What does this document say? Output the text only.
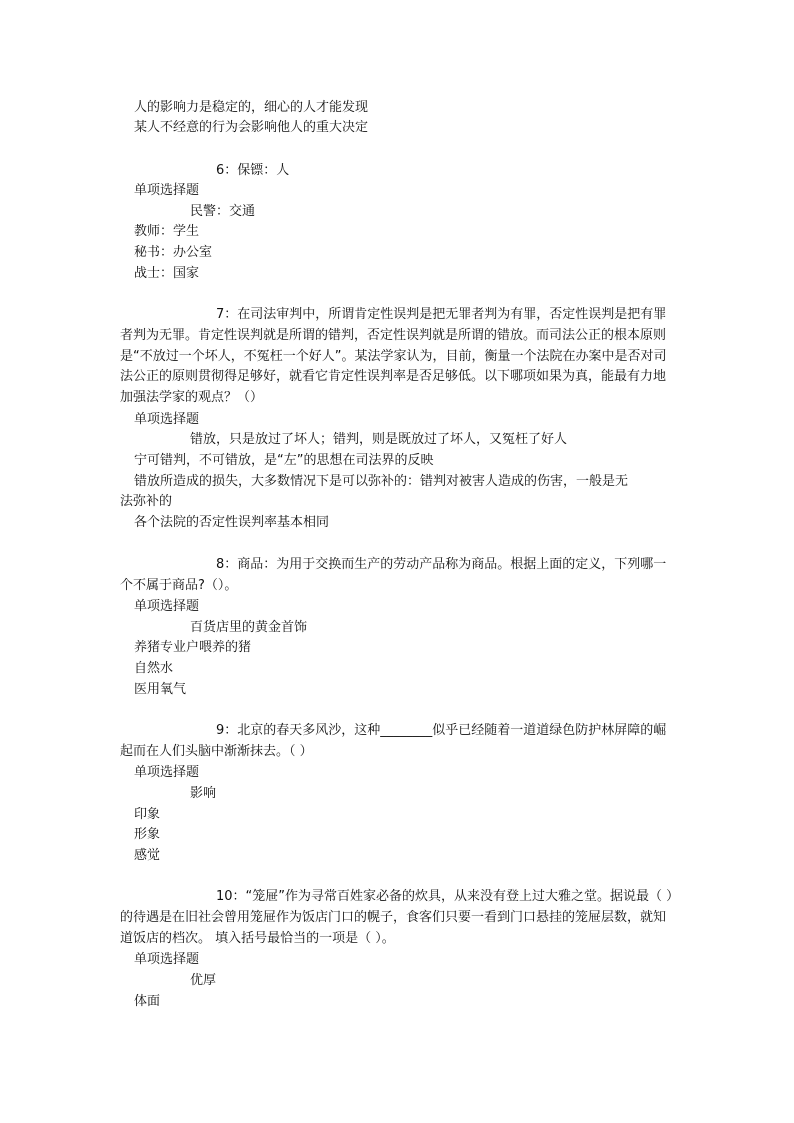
人的影响力是稳定的，细心的人才能发现
某人不经意的行为会影响他人的重大决定
6：保镖：人
单项选择题
民警：交通
教师：学生
秘书：办公室
战士：国家
7：在司法审判中，所谓肯定性误判是把无罪者判为有罪，否定性误判是把有罪者判为无罪。肯定性误判就是所谓的错判，否定性误判就是所谓的错放。而司法公正的根本原则是“不放过一个坏人，不冤枉一个好人”。某法学家认为，目前，衡量一个法院在办案中是否对司法公正的原则贯彻得足够好，就看它肯定性误判率是否足够低。以下哪项如果为真，能最有力地加强法学家的观点？（）
单项选择题
错放，只是放过了坏人；错判，则是既放过了坏人，又冤枉了好人
宁可错判，不可错放，是“左”的思想在司法界的反映
错放所造成的损失，大多数情况下是可以弥补的：错判对被害人造成的伤害，一般是无
法弥补的
各个法院的否定性误判率基本相同
8：商品：为用于交换而生产的劳动产品称为商品。根据上面的定义，下列哪一个不属于商品?（）。
单项选择题
百货店里的黄金首饰
养猪专业户喂养的猪
自然水
医用氧气
9：北京的春天多风沙，这种________似乎已经随着一道道绿色防护林屏障的崛起而在人们头脑中渐渐抹去。（ ）
单项选择题
影响
印象
形象
感觉
10：“笼屉”作为寻常百姓家必备的炊具，从来没有登上过大雅之堂。据说最（ ）的待遇是在旧社会曾用笼屉作为饭店门口的幌子，食客们只要一看到门口悬挂的笼屉层数，就知道饭店的档次。 填入括号最恰当的一项是（ ）。
单项选择题
优厚
体面
